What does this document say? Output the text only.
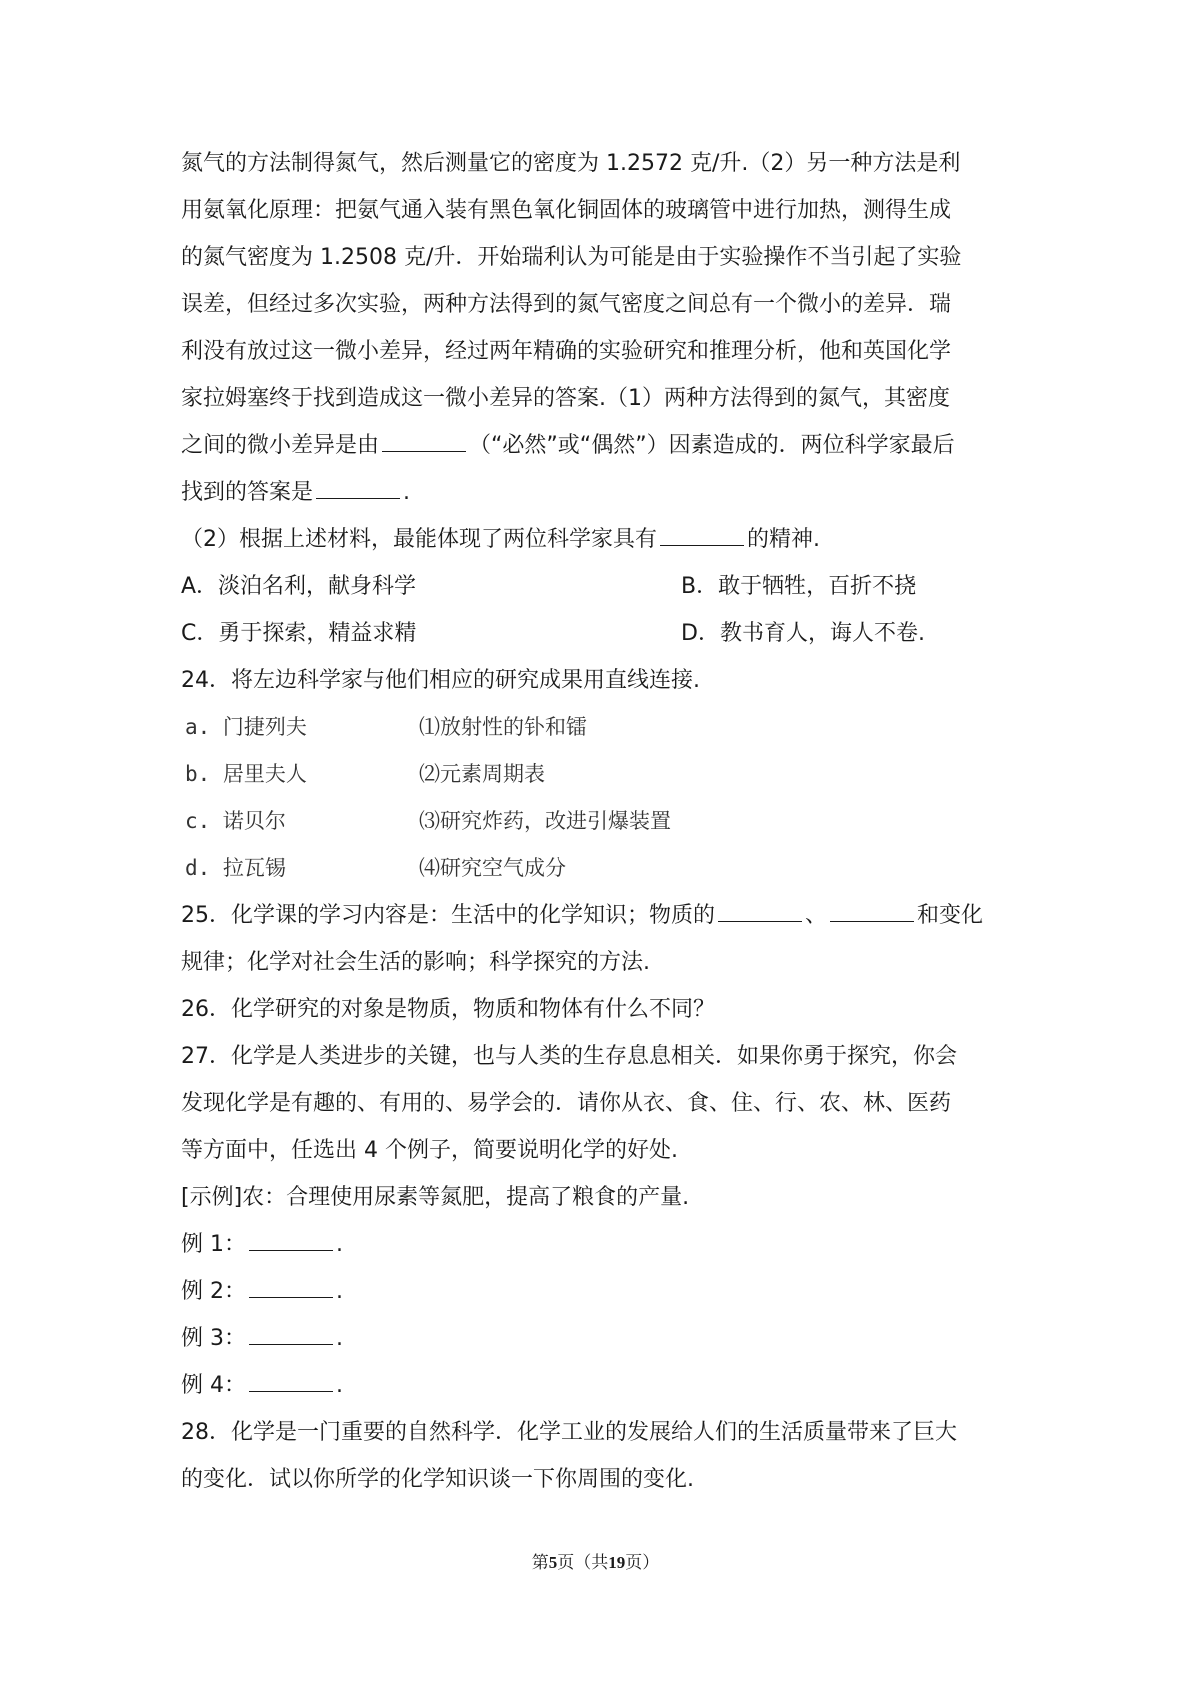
氮气的方法制得氮气，然后测量它的密度为 1.2572 克/升.（2）另一种方法是利
用氨氧化原理：把氨气通入装有黑色氧化铜固体的玻璃管中进行加热，测得生成
的氮气密度为 1.2508 克/升．开始瑞利认为可能是由于实验操作不当引起了实验
误差，但经过多次实验，两种方法得到的氮气密度之间总有一个微小的差异．瑞
利没有放过这一微小差异，经过两年精确的实验研究和推理分析，他和英国化学
家拉姆塞终于找到造成这一微小差异的答案.（1）两种方法得到的氮气，其密度
之间的微小差异是由	（“必然”或“偶然”）因素造成的．两位科学家最后
找到的答案是	.
（2）根据上述材料，最能体现了两位科学家具有	的精神.
A．淡泊名利，献身科学	B．敢于牺牲，百折不挠
C．勇于探索，精益求精	D．教书育人，诲人不卷.
24．将左边科学家与他们相应的研究成果用直线连接.
a. 门捷列夫	⑴放射性的钋和镭
b. 居里夫人	⑵元素周期表
c. 诺贝尔	⑶研究炸药，改进引爆装置
d. 拉瓦锡	⑷研究空气成分
25．化学课的学习内容是：生活中的化学知识；物质的	、	和变化
规律；化学对社会生活的影响；科学探究的方法.
26．化学研究的对象是物质，物质和物体有什么不同？
27．化学是人类进步的关键，也与人类的生存息息相关．如果你勇于探究，你会
发现化学是有趣的、有用的、易学会的．请你从衣、食、住、行、农、林、医药
等方面中，任选出 4 个例子，简要说明化学的好处.
[示例]农：合理使用尿素等氮肥，提高了粮食的产量.
例 1：	.
例 2：	.
例 3：	.
例 4：	.
28．化学是一门重要的自然科学．化学工业的发展给人们的生活质量带来了巨大
的变化．试以你所学的化学知识谈一下你周围的变化.
第5页（共19页）
